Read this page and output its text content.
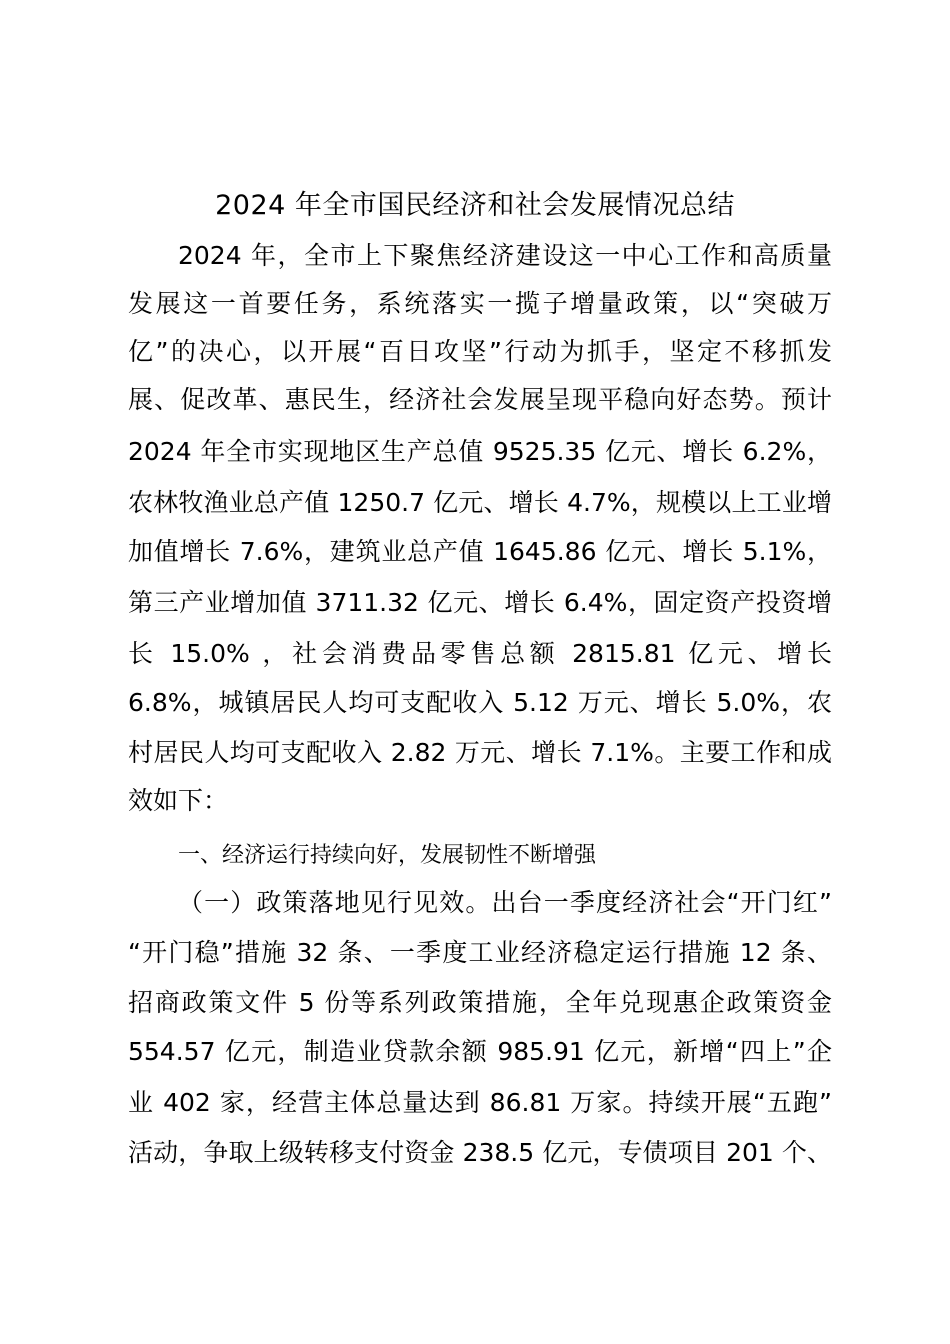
2024 年全市国民经济和社会发展情况总结
2024 年，全市上下聚焦经济建设这一中心工作和高质量
发展这一首要任务，系统落实一揽子增量政策，以“突破万
亿”的决心，以开展“百日攻坚”行动为抓手，坚定不移抓发
展、促改革、惠民生，经济社会发展呈现平稳向好态势。预计
2024 年全市实现地区生产总值 9525.35 亿元、增长 6.2%，
农林牧渔业总产值 1250.7 亿元、增长 4.7%，规模以上工业增
加值增长 7.6%，建筑业总产值 1645.86 亿元、增长 5.1%，
第三产业增加值 3711.32 亿元、增长 6.4%，固定资产投资增
长 15.0% ，社会消费品零售总额 2815.81 亿元、增长
6.8%，城镇居民人均可支配收入 5.12 万元、增长 5.0%，农
村居民人均可支配收入 2.82 万元、增长 7.1%。主要工作和成
效如下：
一、经济运行持续向好，发展韧性不断增强
（一）政策落地见行见效。出台一季度经济社会“开门红”
“开门稳”措施 32 条、一季度工业经济稳定运行措施 12 条、
招商政策文件 5 份等系列政策措施，全年兑现惠企政策资金
554.57 亿元，制造业贷款余额 985.91 亿元，新增“四上”企
业 402 家，经营主体总量达到 86.81 万家。持续开展“五跑”
活动，争取上级转移支付资金 238.5 亿元，专债项目 201 个、
